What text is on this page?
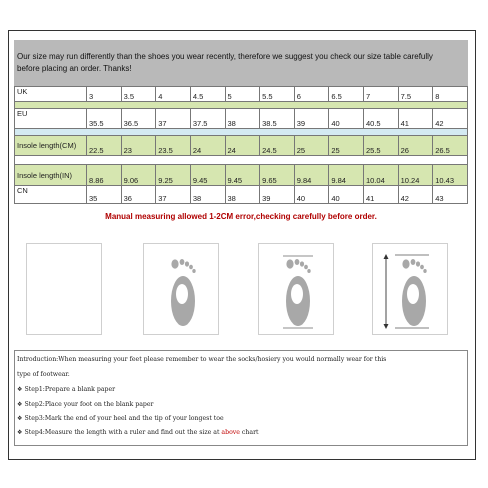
Our size may run differently than the shoes you wear recently, therefore we suggest you check our size table carefully
before placing an order. Thanks!
UK	3	3.5	4	4.5	5	5.5	6	6.5	7	7.5	8

EU	35.5	36.5	37	37.5	38	38.5	39	40	40.5	41	42

Insole length(CM)	22.5	23	23.5	24	24	24.5	25	25	25.5	26	26.5

Insole length(IN)	8.86	9.06	9.25	9.45	9.45	9.65	9.84	9.84	10.04	10.24	10.43
CN	35	36	37	38	38	39	40	40	41	42	43
Manual measuring allowed 1-2CM error,checking carefully before order.

Introduction:When measuring your feet please remember to wear the socks/hosiery you would normally wear for this

type of footwear.

❖ Step1:Prepare a blank paper

❖ Step2:Place your foot on the blank paper

❖ Step3:Mark the end of your heel and the tip of your longest toe

❖ Step4:Measure the length with a ruler and find out the size at above chart
